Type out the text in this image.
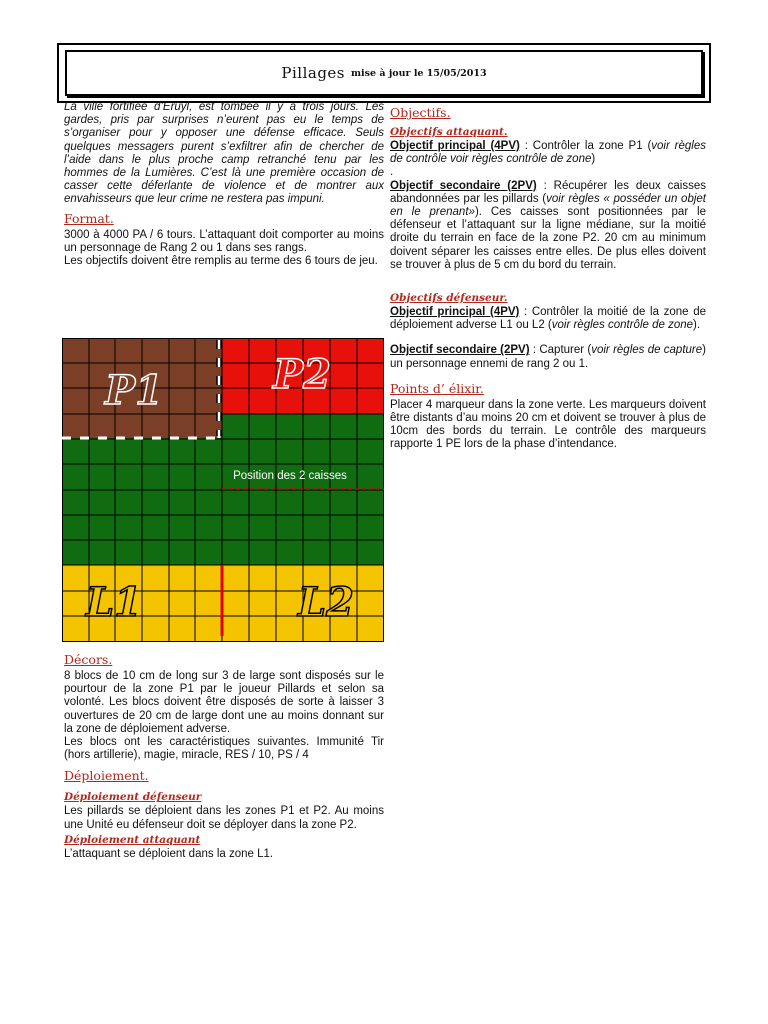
Pillages mise à jour le 15/05/2013

La ville fortifiée d’Eruÿl, est tombée il y a trois jours. Les gardes, pris par surprises n’eurent pas eu le temps de s’organiser pour y opposer une défense efficace. Seuls quelques messagers purent s’exfiltrer afin de chercher de l’aide dans le plus proche camp retranché tenu par les hommes de la Lumières. C’est là une première occasion de casser cette déferlante de violence et de montrer aux envahisseurs que leur crime ne restera pas impuni.

Format.

3000 à 4000 PA / 6 tours. L’attaquant doit comporter au moins un personnage de Rang 2 ou 1 dans ses rangs.

Les objectifs doivent être remplis au terme des 6 tours de jeu.

P1	P2
L1	L2
Position des 2 caisses
Décors.

8 blocs de 10 cm de long sur 3 de large sont disposés sur le pourtour de la zone P1 par le joueur Pillards et selon sa volonté. Les blocs doivent être disposés de sorte à laisser 3 ouvertures de 20 cm de large dont une au moins donnant sur la zone de déploiement adverse.

Les blocs ont les caractéristiques suivantes. Immunité Tir (hors artillerie), magie, miracle, RES / 10, PS / 4

Déploiement.
Déploiement défenseur

Les pillards se déploient dans les zones P1 et P2. Au moins une Unité eu défenseur doit se déployer dans la zone P2.

Déploiement attaquant

L’attaquant se déploient dans la zone L1.

Objectifs.
Objectifs attaquant.

Objectif principal (4PV) : Contrôler la zone P1 (voir règles de contrôle voir règles contrôle de zone)

.

Objectif secondaire (2PV) : Récupérer les deux caisses abandonnées par les pillards (voir règles « posséder un objet en le prenant»). Ces caisses sont positionnées par le défenseur et l’attaquant sur la ligne médiane, sur la moitié droite du terrain en face de la zone P2. 20 cm au minimum doivent séparer les caisses entre elles. De plus elles doivent se trouver à plus de 5 cm du bord du terrain.

Objectifs défenseur.

Objectif principal (4PV) : Contrôler la moitié de la zone de déploiement adverse L1 ou L2 (voir règles contrôle de zone).

Objectif secondaire (2PV) : Capturer (voir règles de capture) un personnage ennemi de rang 2 ou 1.

Points d’ élixir.

Placer 4 marqueur dans la zone verte. Les marqueurs doivent être distants d’au moins 20 cm et doivent se trouver à plus de 10cm des bords du terrain. Le contrôle des marqueurs rapporte 1 PE lors de la phase d’intendance.
